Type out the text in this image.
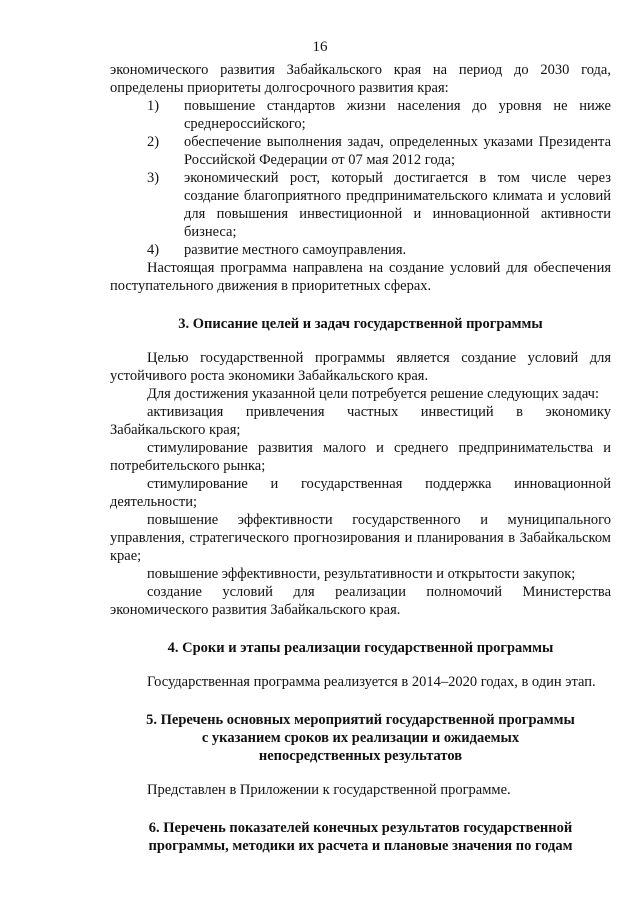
16

экономического развития Забайкальского края на период до 2030 года, определены приоритеты долгосрочного развития края:

1)	повышение стандартов жизни населения до уровня не ниже среднероссийского;

2)	обеспечение выполнения задач, определенных указами Президента Российской Федерации от 07 мая 2012 года;

3)	экономический рост, который достигается в том числе через создание благоприятного предпринимательского климата и условий для повышения инвестиционной и инновационной активности бизнеса;

4)	развитие местного самоуправления.

Настоящая программа направлена на создание условий для обеспечения поступательного движения в приоритетных сферах.

3. Описание целей и задач государственной программы

Целью государственной программы является создание условий для устойчивого роста экономики Забайкальского края.

Для достижения указанной цели потребуется решение следующих задач:

активизация привлечения частных инвестиций в экономику Забайкальского края;

стимулирование развития малого и среднего предпринимательства и потребительского рынка;

стимулирование и государственная поддержка инновационной деятельности;

повышение эффективности государственного и муниципального управления, стратегического прогнозирования и планирования в Забайкальском крае;

повышение эффективности, результативности и открытости закупок;

создание условий для реализации полномочий Министерства экономического развития Забайкальского края.

4. Сроки и этапы реализации государственной программы

Государственная программа реализуется в 2014–2020 годах, в один этап.

5. Перечень основных мероприятий государственной программы
с указанием сроков их реализации и ожидаемых
непосредственных результатов

Представлен в Приложении к государственной программе.

6. Перечень показателей конечных результатов государственной
программы, методики их расчета и плановые значения по годам
